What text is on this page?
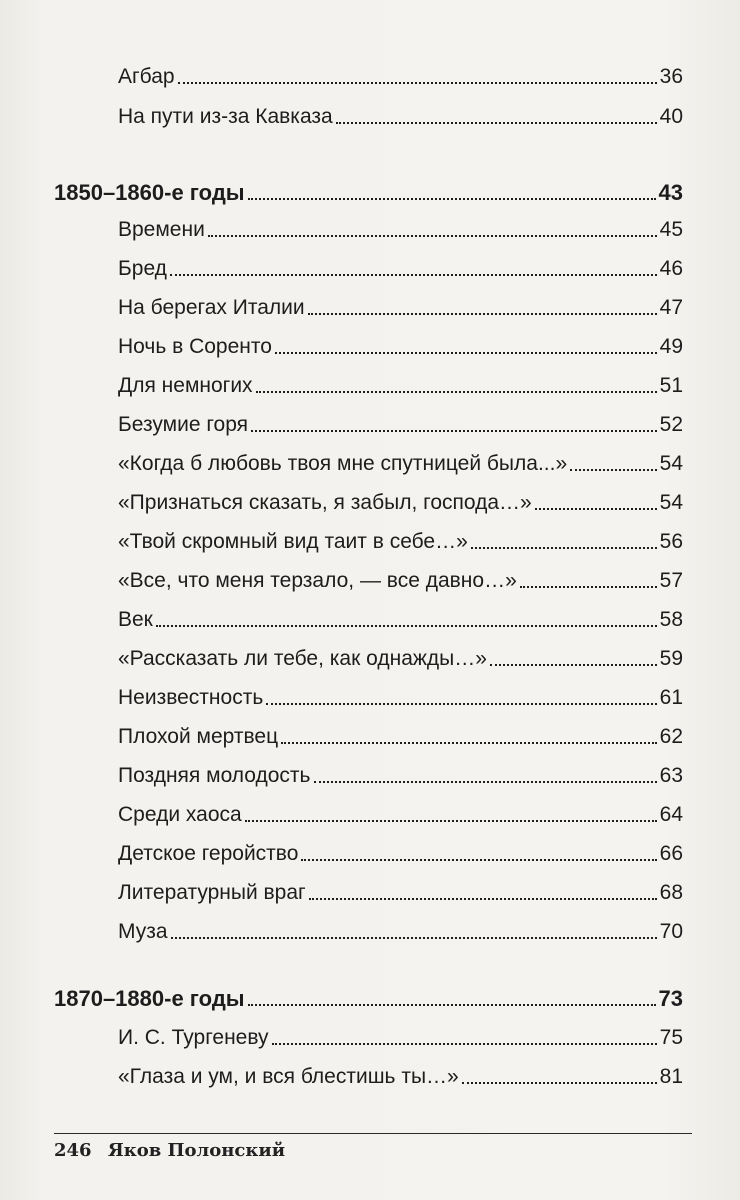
Агбар	36
На пути из-за Кавказа	40
1850–1860-е годы	43
Времени	45
Бред	46
На берегах Италии	47
Ночь в Соренто	49
Для немногих	51
Безумие горя	52
«Когда б любовь твоя мне спутницей была...»	54
«Признаться сказать, я забыл, господа…»	54
«Твой скромный вид таит в себе…»	56
«Все, что меня терзало, — все давно…»	57
Век	58
«Рассказать ли тебе, как однажды…»	59
Неизвестность	61
Плохой мертвец	62
Поздняя молодость	63
Среди хаоса	64
Детское геройство	66
Литературный враг	68
Муза	70
1870–1880-е годы	73
И. С. Тургеневу	75
«Глаза и ум, и вся блестишь ты…»	81
246 Яков Полонский
